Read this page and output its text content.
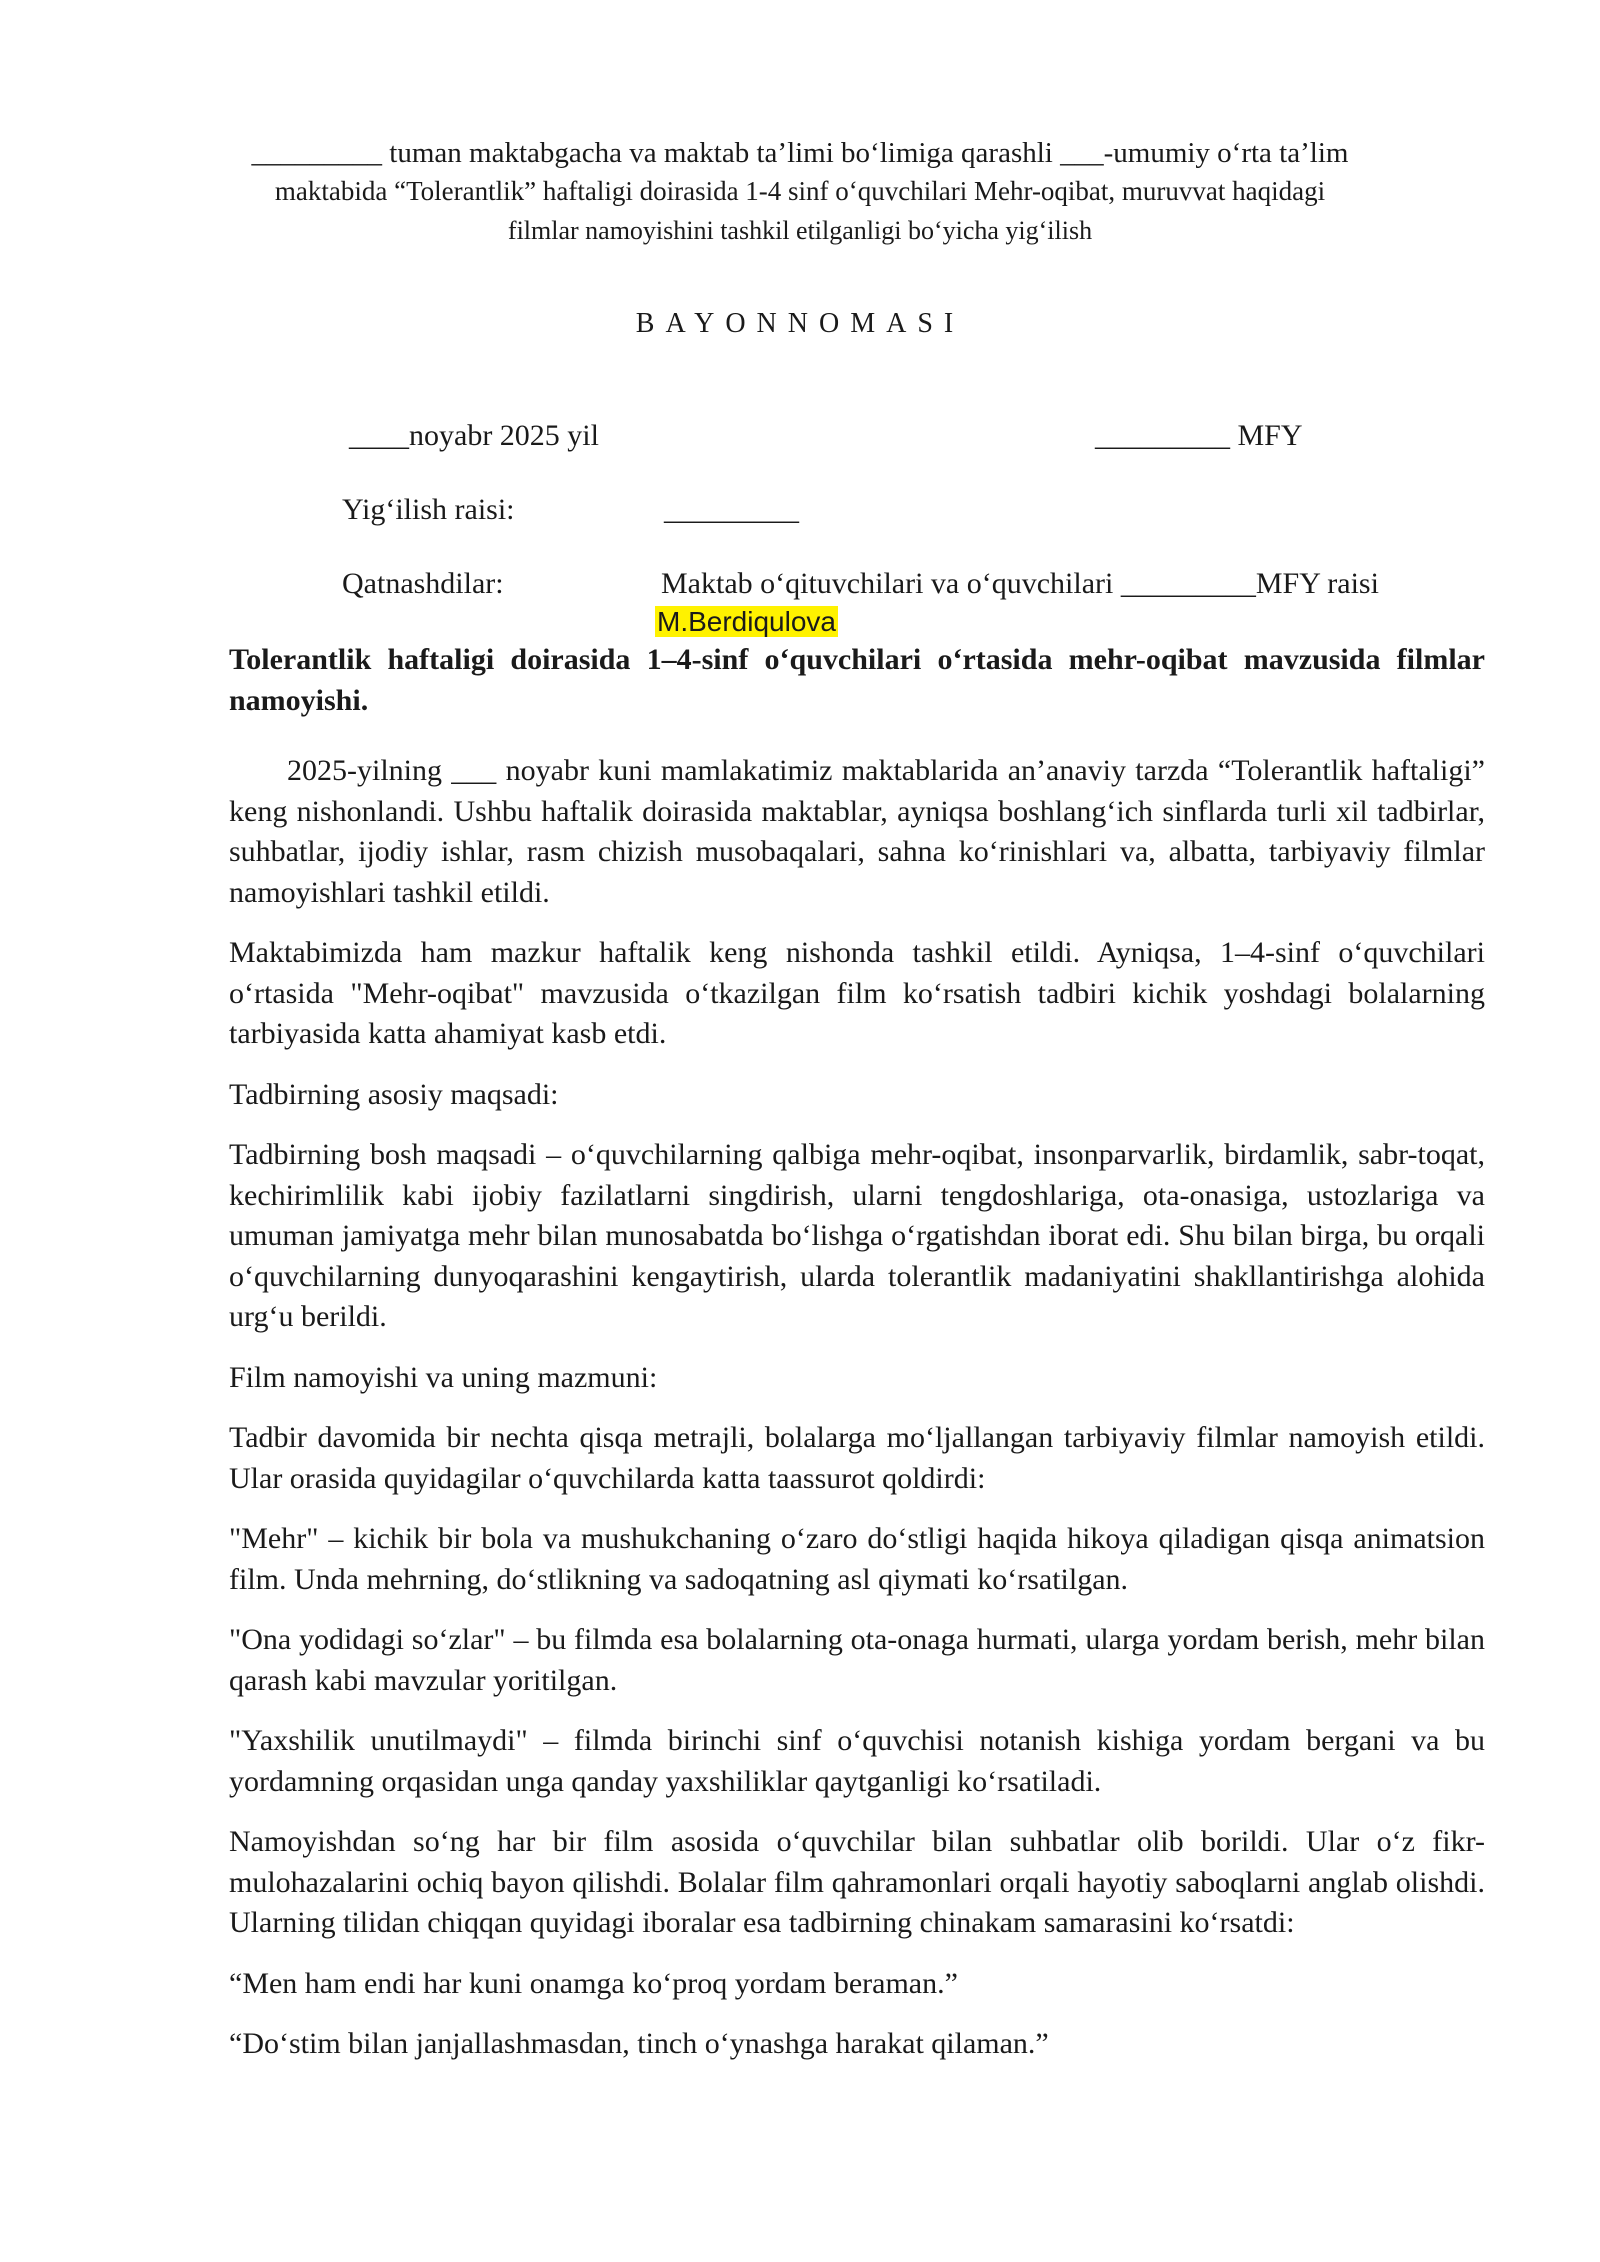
_________ tuman maktabgacha va maktab ta’limi bo‘limiga qarashli ___-umumiy o‘rta ta’lim
maktabida “Tolerantlik” haftaligi doirasida 1-4 sinf o‘quvchilari Mehr-oqibat, muruvvat haqidagi
filmlar namoyishini tashkil etilganligi bo‘yicha yig‘ilish
BAYONNOMASI
____noyabr 2025 yil	_________ MFY
Yig‘ilish raisi:	_________
Qatnashdilar:	Maktab o‘qituvchilari va o‘quvchilari _________MFY raisi
M.Berdiqulova

Tolerantlik haftaligi doirasida 1–4-sinf o‘quvchilari o‘rtasida mehr-oqibat mavzusida filmlar namoyishi.

2025-yilning ___ noyabr kuni mamlakatimiz maktablarida an’anaviy tarzda “Tolerantlik haftaligi” keng nishonlandi. Ushbu haftalik doirasida maktablar, ayniqsa boshlang‘ich sinflarda turli xil tadbirlar, suhbatlar, ijodiy ishlar, rasm chizish musobaqalari, sahna ko‘rinishlari va, albatta, tarbiyaviy filmlar namoyishlari tashkil etildi.

Maktabimizda ham mazkur haftalik keng nishonda tashkil etildi. Ayniqsa, 1–4-sinf o‘quvchilari o‘rtasida "Mehr-oqibat" mavzusida o‘tkazilgan film ko‘rsatish tadbiri kichik yoshdagi bolalarning tarbiyasida katta ahamiyat kasb etdi.

Tadbirning asosiy maqsadi:

Tadbirning bosh maqsadi – o‘quvchilarning qalbiga mehr-oqibat, insonparvarlik, birdamlik, sabr-toqat, kechirimlilik kabi ijobiy fazilatlarni singdirish, ularni tengdoshlariga, ota-onasiga, ustozlariga va umuman jamiyatga mehr bilan munosabatda bo‘lishga o‘rgatishdan iborat edi. Shu bilan birga, bu orqali o‘quvchilarning dunyoqarashini kengaytirish, ularda tolerantlik madaniyatini shakllantirishga alohida urg‘u berildi.

Film namoyishi va uning mazmuni:

Tadbir davomida bir nechta qisqa metrajli, bolalarga mo‘ljallangan tarbiyaviy filmlar namoyish etildi. Ular orasida quyidagilar o‘quvchilarda katta taassurot qoldirdi:

"Mehr" – kichik bir bola va mushukchaning o‘zaro do‘stligi haqida hikoya qiladigan qisqa animatsion film. Unda mehrning, do‘stlikning va sadoqatning asl qiymati ko‘rsatilgan.

"Ona yodidagi so‘zlar" – bu filmda esa bolalarning ota-onaga hurmati, ularga yordam berish, mehr bilan qarash kabi mavzular yoritilgan.

"Yaxshilik unutilmaydi" – filmda birinchi sinf o‘quvchisi notanish kishiga yordam bergani va bu yordamning orqasidan unga qanday yaxshiliklar qaytganligi ko‘rsatiladi.

Namoyishdan so‘ng har bir film asosida o‘quvchilar bilan suhbatlar olib borildi. Ular o‘z fikr-mulohazalarini ochiq bayon qilishdi. Bolalar film qahramonlari orqali hayotiy saboqlarni anglab olishdi. Ularning tilidan chiqqan quyidagi iboralar esa tadbirning chinakam samarasini ko‘rsatdi:

“Men ham endi har kuni onamga ko‘proq yordam beraman.”

“Do‘stim bilan janjallashmasdan, tinch o‘ynashga harakat qilaman.”
